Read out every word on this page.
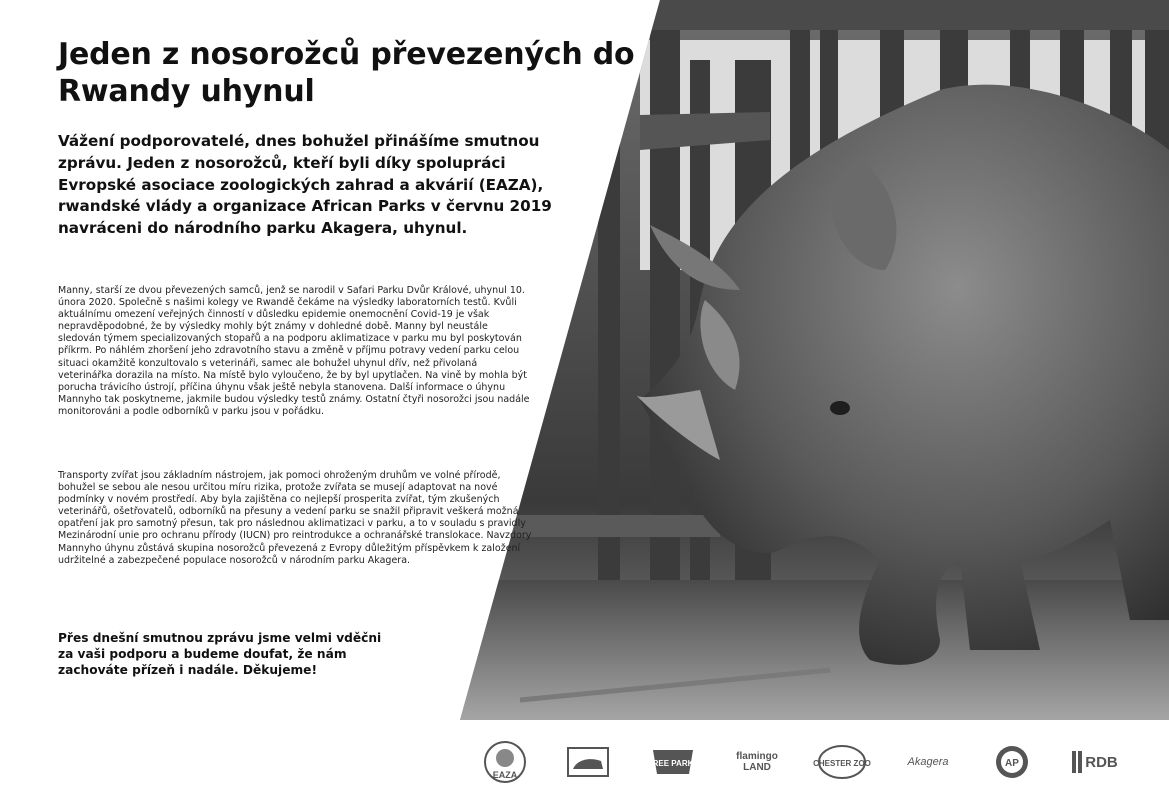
Jeden z nosorožců převezených do Rwandy uhynul

Vážení podporovatelé, dnes bohužel přinášíme smutnou zprávu. Jeden z nosorožců, kteří byli díky spolupráci Evropské asociace zoologických zahrad a akvárií (EAZA), rwandské vlády a organizace African Parks v červnu 2019 navráceni do národního parku Akagera, uhynul.

Manny, starší ze dvou převezených samců, jenž se narodil v Safari Parku Dvůr Králové, uhynul 10. února 2020. Společně s našimi kolegy ve Rwandě čekáme na výsledky laboratorních testů. Kvůli aktuálnímu omezení veřejných činností v důsledku epidemie onemocnění Covid-19 je však nepravděpodobné, že by výsledky mohly být známy v dohledné době. Manny byl neustále sledován týmem specializovaných stopařů a na podporu aklimatizace v parku mu byl poskytován příkrm. Po náhlém zhoršení jeho zdravotního stavu a změně v příjmu potravy vedení parku celou situaci okamžitě konzultovalo s veterináři, samec ale bohužel uhynul dřív, než přivolaná veterinářka dorazila na místo. Na místě bylo vyloučeno, že by byl upytlačen. Na vině by mohla být porucha trávicího ústrojí, příčina úhynu však ještě nebyla stanovena. Další informace o úhynu Mannyho tak poskytneme, jakmile budou výsledky testů známy. Ostatní čtyři nosorožci jsou nadále monitorováni a podle odborníků v parku jsou v pořádku.

Transporty zvířat jsou základním nástrojem, jak pomoci ohroženým druhům ve volné přírodě, bohužel se sebou ale nesou určitou míru rizika, protože zvířata se musejí adaptovat na nové podmínky v novém prostředí. Aby byla zajištěna co nejlepší prosperita zvířat, tým zkušených veterinářů, ošetřovatelů, odborníků na přesuny a vedení parku se snažil připravit veškerá možná opatření jak pro samotný přesun, tak pro následnou aklimatizaci v parku, a to v souladu s pravidly Mezinárodní unie pro ochranu přírody (IUCN) pro reintrodukce a ochranářské translokace. Navzdory Mannyho úhynu zůstává skupina nosorožců převezená z Evropy důležitým příspěvkem k založení udržitelné a zabezpečené populace nosorožců v národním parku Akagera.

Přes dnešní smutnou zprávu jsme velmi vděčni za vaši podporu a budeme doufat, že nám zachováte přízeň i nadále. Děkujeme!

EAZA
REE PARK
flamingo LAND	CHESTER ZOO	Akagera	AP	RDB
